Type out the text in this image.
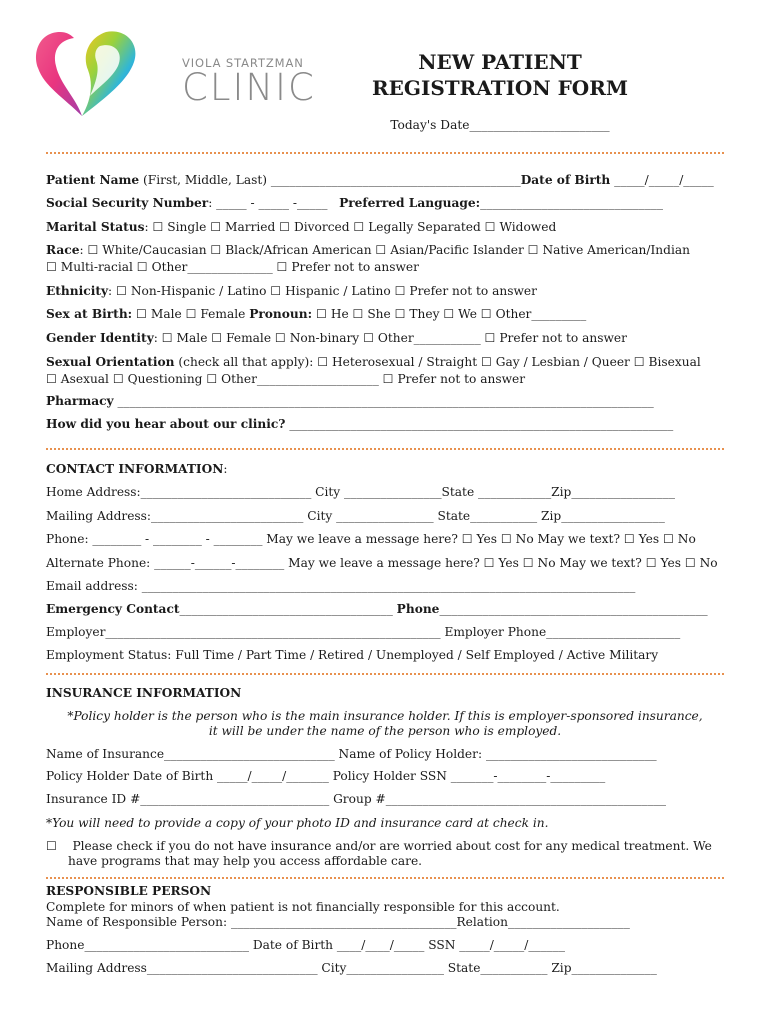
VIOLA STARTZMAN
CLINIC
NEW PATIENT
REGISTRATION FORM
Today's Date_______________________
Patient Name (First, Middle, Last) _________________________________________Date of Birth _____/_____/_____
Social Security Number: _____ - _____ -_____ Preferred Language:______________________________
Marital Status: ☐ Single ☐ Married ☐ Divorced ☐ Legally Separated ☐ Widowed
Race: ☐ White/Caucasian ☐ Black/African American ☐ Asian/Pacific Islander ☐ Native American/Indian
☐ Multi-racial ☐ Other______________ ☐ Prefer not to answer
Ethnicity: ☐ Non-Hispanic / Latino ☐ Hispanic / Latino ☐ Prefer not to answer
Sex at Birth: ☐ Male ☐ Female Pronoun: ☐ He ☐ She ☐ They ☐ We ☐ Other_________
Gender Identity: ☐ Male ☐ Female ☐ Non-binary ☐ Other___________ ☐ Prefer not to answer
Sexual Orientation (check all that apply): ☐ Heterosexual / Straight ☐ Gay / Lesbian / Queer ☐ Bisexual
☐ Asexual ☐ Questioning ☐ Other____________________ ☐ Prefer not to answer
Pharmacy ________________________________________________________________________________________
How did you hear about our clinic? _______________________________________________________________
CONTACT INFORMATION:
Home Address:____________________________ City ________________State ____________Zip_________________
Mailing Address:_________________________ City ________________ State___________ Zip_________________
Phone: ________ - ________ - ________ May we leave a message here? ☐ Yes ☐ No May we text? ☐ Yes ☐ No
Alternate Phone: ______-______-________ May we leave a message here? ☐ Yes ☐ No May we text? ☐ Yes ☐ No
Email address: _________________________________________________________________________________
Emergency Contact___________________________________ Phone____________________________________________
Employer_______________________________________________________ Employer Phone______________________
Employment Status: Full Time / Part Time / Retired / Unemployed / Self Employed / Active Military
INSURANCE INFORMATION
*Policy holder is the person who is the main insurance holder. If this is employer-sponsored insurance,
it will be under the name of the person who is employed.
Name of Insurance____________________________ Name of Policy Holder: ____________________________
Policy Holder Date of Birth _____/_____/_______ Policy Holder SSN _______-________-_________
Insurance ID #_______________________________ Group #______________________________________________
*You will need to provide a copy of your photo ID and insurance card at check in.
☐ Please check if you do not have insurance and/or are worried about cost for any medical treatment. We
have programs that may help you access affordable care.
RESPONSIBLE PERSON
Complete for minors of when patient is not financially responsible for this account.
Name of Responsible Person: _____________________________________Relation____________________
Phone___________________________ Date of Birth ____/____/_____ SSN _____/_____/______
Mailing Address____________________________ City________________ State___________ Zip______________
